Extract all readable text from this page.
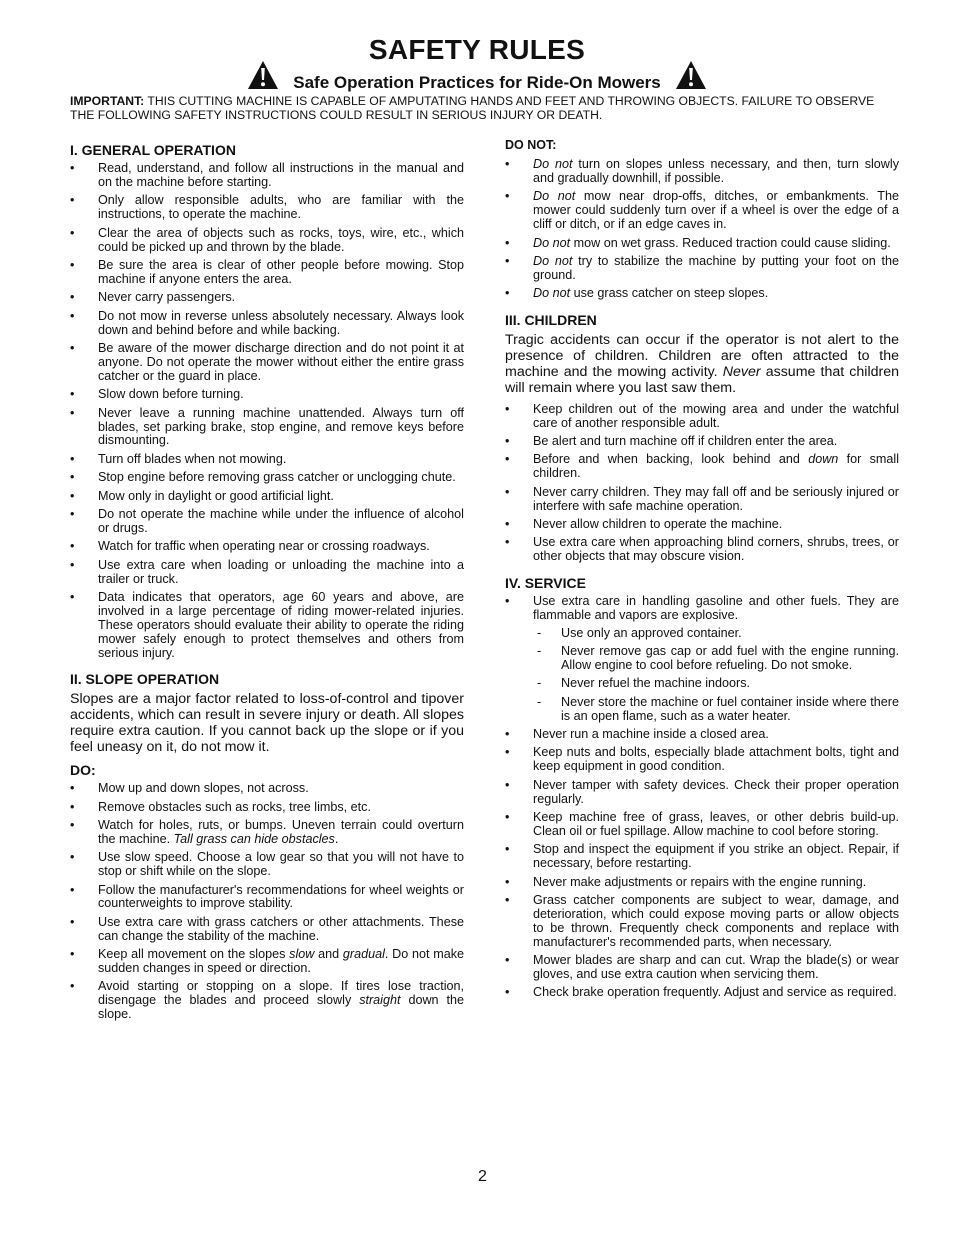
SAFETY RULES
Safe Operation Practices for Ride-On Mowers

IMPORTANT: THIS CUTTING MACHINE IS CAPABLE OF AMPUTATING HANDS AND FEET AND THROWING OBJECTS. FAILURE TO OBSERVE THE FOLLOWING SAFETY INSTRUCTIONS COULD RESULT IN SERIOUS INJURY OR DEATH.

I. GENERAL OPERATION
• Read, understand, and follow all instructions in the manual and on the machine before starting.
• Only allow responsible adults, who are familiar with the instructions, to operate the machine.
• Clear the area of objects such as rocks, toys, wire, etc., which could be picked up and thrown by the blade.
• Be sure the area is clear of other people before mowing. Stop machine if anyone enters the area.
• Never carry passengers.
• Do not mow in reverse unless absolutely necessary. Always look down and behind before and while backing.
• Be aware of the mower discharge direction and do not point it at anyone. Do not operate the mower without either the entire grass catcher or the guard in place.
• Slow down before turning.
• Never leave a running machine unattended. Always turn off blades, set parking brake, stop engine, and remove keys before dismounting.
• Turn off blades when not mowing.
• Stop engine before removing grass catcher or unclogging chute.
• Mow only in daylight or good artificial light.
• Do not operate the machine while under the influence of alcohol or drugs.
• Watch for traffic when operating near or crossing roadways.
• Use extra care when loading or unloading the machine into a trailer or truck.
• Data indicates that operators, age 60 years and above, are involved in a large percentage of riding mower-related injuries. These operators should evaluate their ability to operate the riding mower safely enough to protect themselves and others from serious injury.
II. SLOPE OPERATION

Slopes are a major factor related to loss-of-control and tipover accidents, which can result in severe injury or death. All slopes require extra caution. If you cannot back up the slope or if you feel uneasy on it, do not mow it.

DO:
• Mow up and down slopes, not across.
• Remove obstacles such as rocks, tree limbs, etc.
• Watch for holes, ruts, or bumps. Uneven terrain could overturn the machine. Tall grass can hide obstacles.
• Use slow speed. Choose a low gear so that you will not have to stop or shift while on the slope.
• Follow the manufacturer's recommendations for wheel weights or counterweights to improve stability.
• Use extra care with grass catchers or other attachments. These can change the stability of the machine.
• Keep all movement on the slopes slow and gradual. Do not make sudden changes in speed or direction.
• Avoid starting or stopping on a slope. If tires lose traction, disengage the blades and proceed slowly straight down the slope.
DO NOT:
• Do not turn on slopes unless necessary, and then, turn slowly and gradually downhill, if possible.
• Do not mow near drop-offs, ditches, or embankments. The mower could suddenly turn over if a wheel is over the edge of a cliff or ditch, or if an edge caves in.
• Do not mow on wet grass. Reduced traction could cause sliding.
• Do not try to stabilize the machine by putting your foot on the ground.
• Do not use grass catcher on steep slopes.
III. CHILDREN

Tragic accidents can occur if the operator is not alert to the presence of children. Children are often attracted to the machine and the mowing activity. Never assume that children will remain where you last saw them.

• Keep children out of the mowing area and under the watchful care of another responsible adult.
• Be alert and turn machine off if children enter the area.
• Before and when backing, look behind and down for small children.
• Never carry children. They may fall off and be seriously injured or interfere with safe machine operation.
• Never allow children to operate the machine.
• Use extra care when approaching blind corners, shrubs, trees, or other objects that may obscure vision.
IV. SERVICE
• Use extra care in handling gasoline and other fuels. They are flammable and vapors are explosive.
- Use only an approved container.
- Never remove gas cap or add fuel with the engine running. Allow engine to cool before refueling. Do not smoke.
- Never refuel the machine indoors.
- Never store the machine or fuel container inside where there is an open flame, such as a water heater.
• Never run a machine inside a closed area.
• Keep nuts and bolts, especially blade attachment bolts, tight and keep equipment in good condition.
• Never tamper with safety devices. Check their proper operation regularly.
• Keep machine free of grass, leaves, or other debris build-up. Clean oil or fuel spillage. Allow machine to cool before storing.
• Stop and inspect the equipment if you strike an object. Repair, if necessary, before restarting.
• Never make adjustments or repairs with the engine running.
• Grass catcher components are subject to wear, damage, and deterioration, which could expose moving parts or allow objects to be thrown. Frequently check components and replace with manufacturer's recommended parts, when necessary.
• Mower blades are sharp and can cut. Wrap the blade(s) or wear gloves, and use extra caution when servicing them.
• Check brake operation frequently. Adjust and service as required.
2
